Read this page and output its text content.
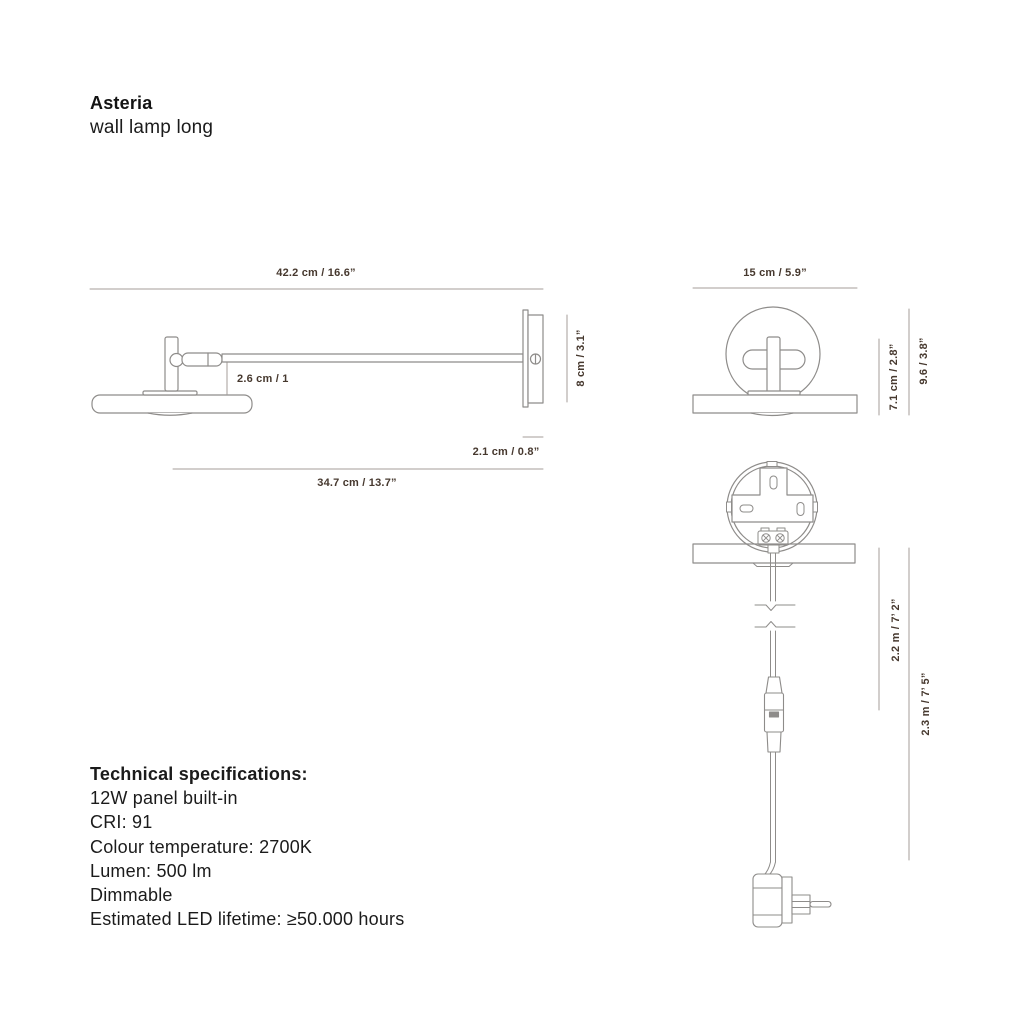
Asteria
wall lamp long
42.2 cm / 16.6”
2.6 cm / 1	8 cm / 3.1”
2.1 cm / 0.8”
34.7 cm / 13.7”
15 cm / 5.9”
7.1 cm / 2.8” 9.6 / 3.8”
2.2 m / 7’ 2”
2.3 m / 7’ 5”
Technical specifications:
12W panel built-in
CRI: 91
Colour temperature: 2700K
Lumen: 500 lm
Dimmable
Estimated LED lifetime: ≥50.000 hours
